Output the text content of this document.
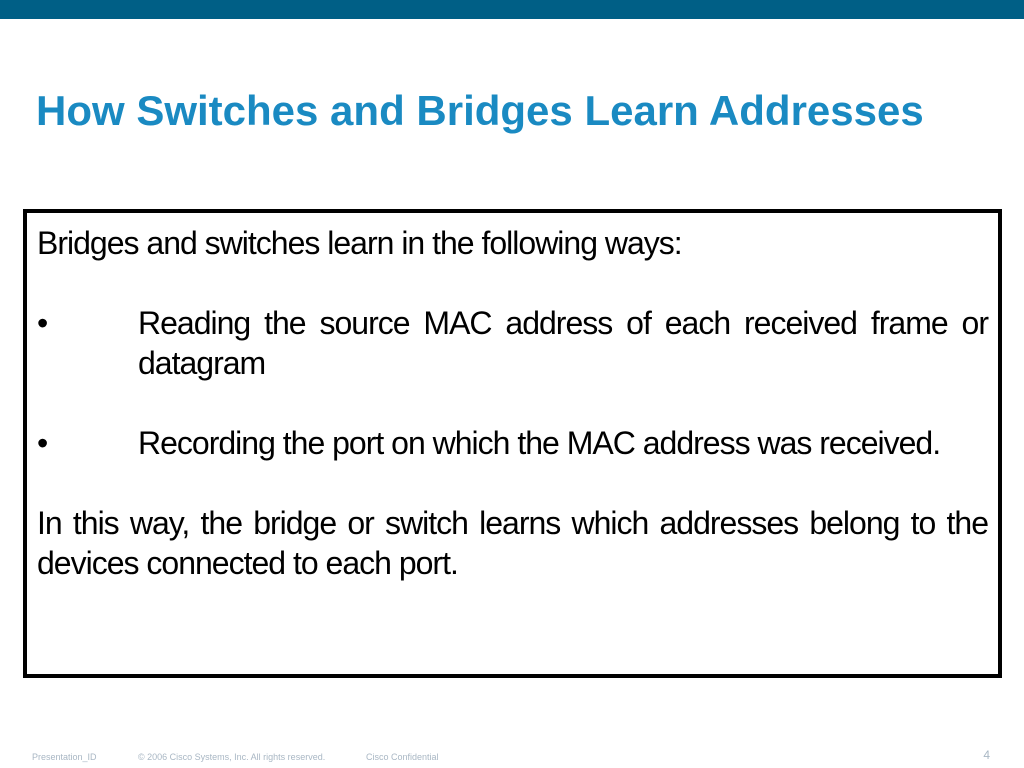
How Switches and Bridges Learn Addresses

Bridges and switches learn in the following ways:

•	Reading the source MAC address of each received frame or datagram
•	Recording the port on which the MAC address was received.

In this way, the bridge or switch learns which addresses belong to the devices connected to each port.

Presentation_ID	© 2006 Cisco Systems, Inc. All rights reserved.	Cisco Confidential	4
